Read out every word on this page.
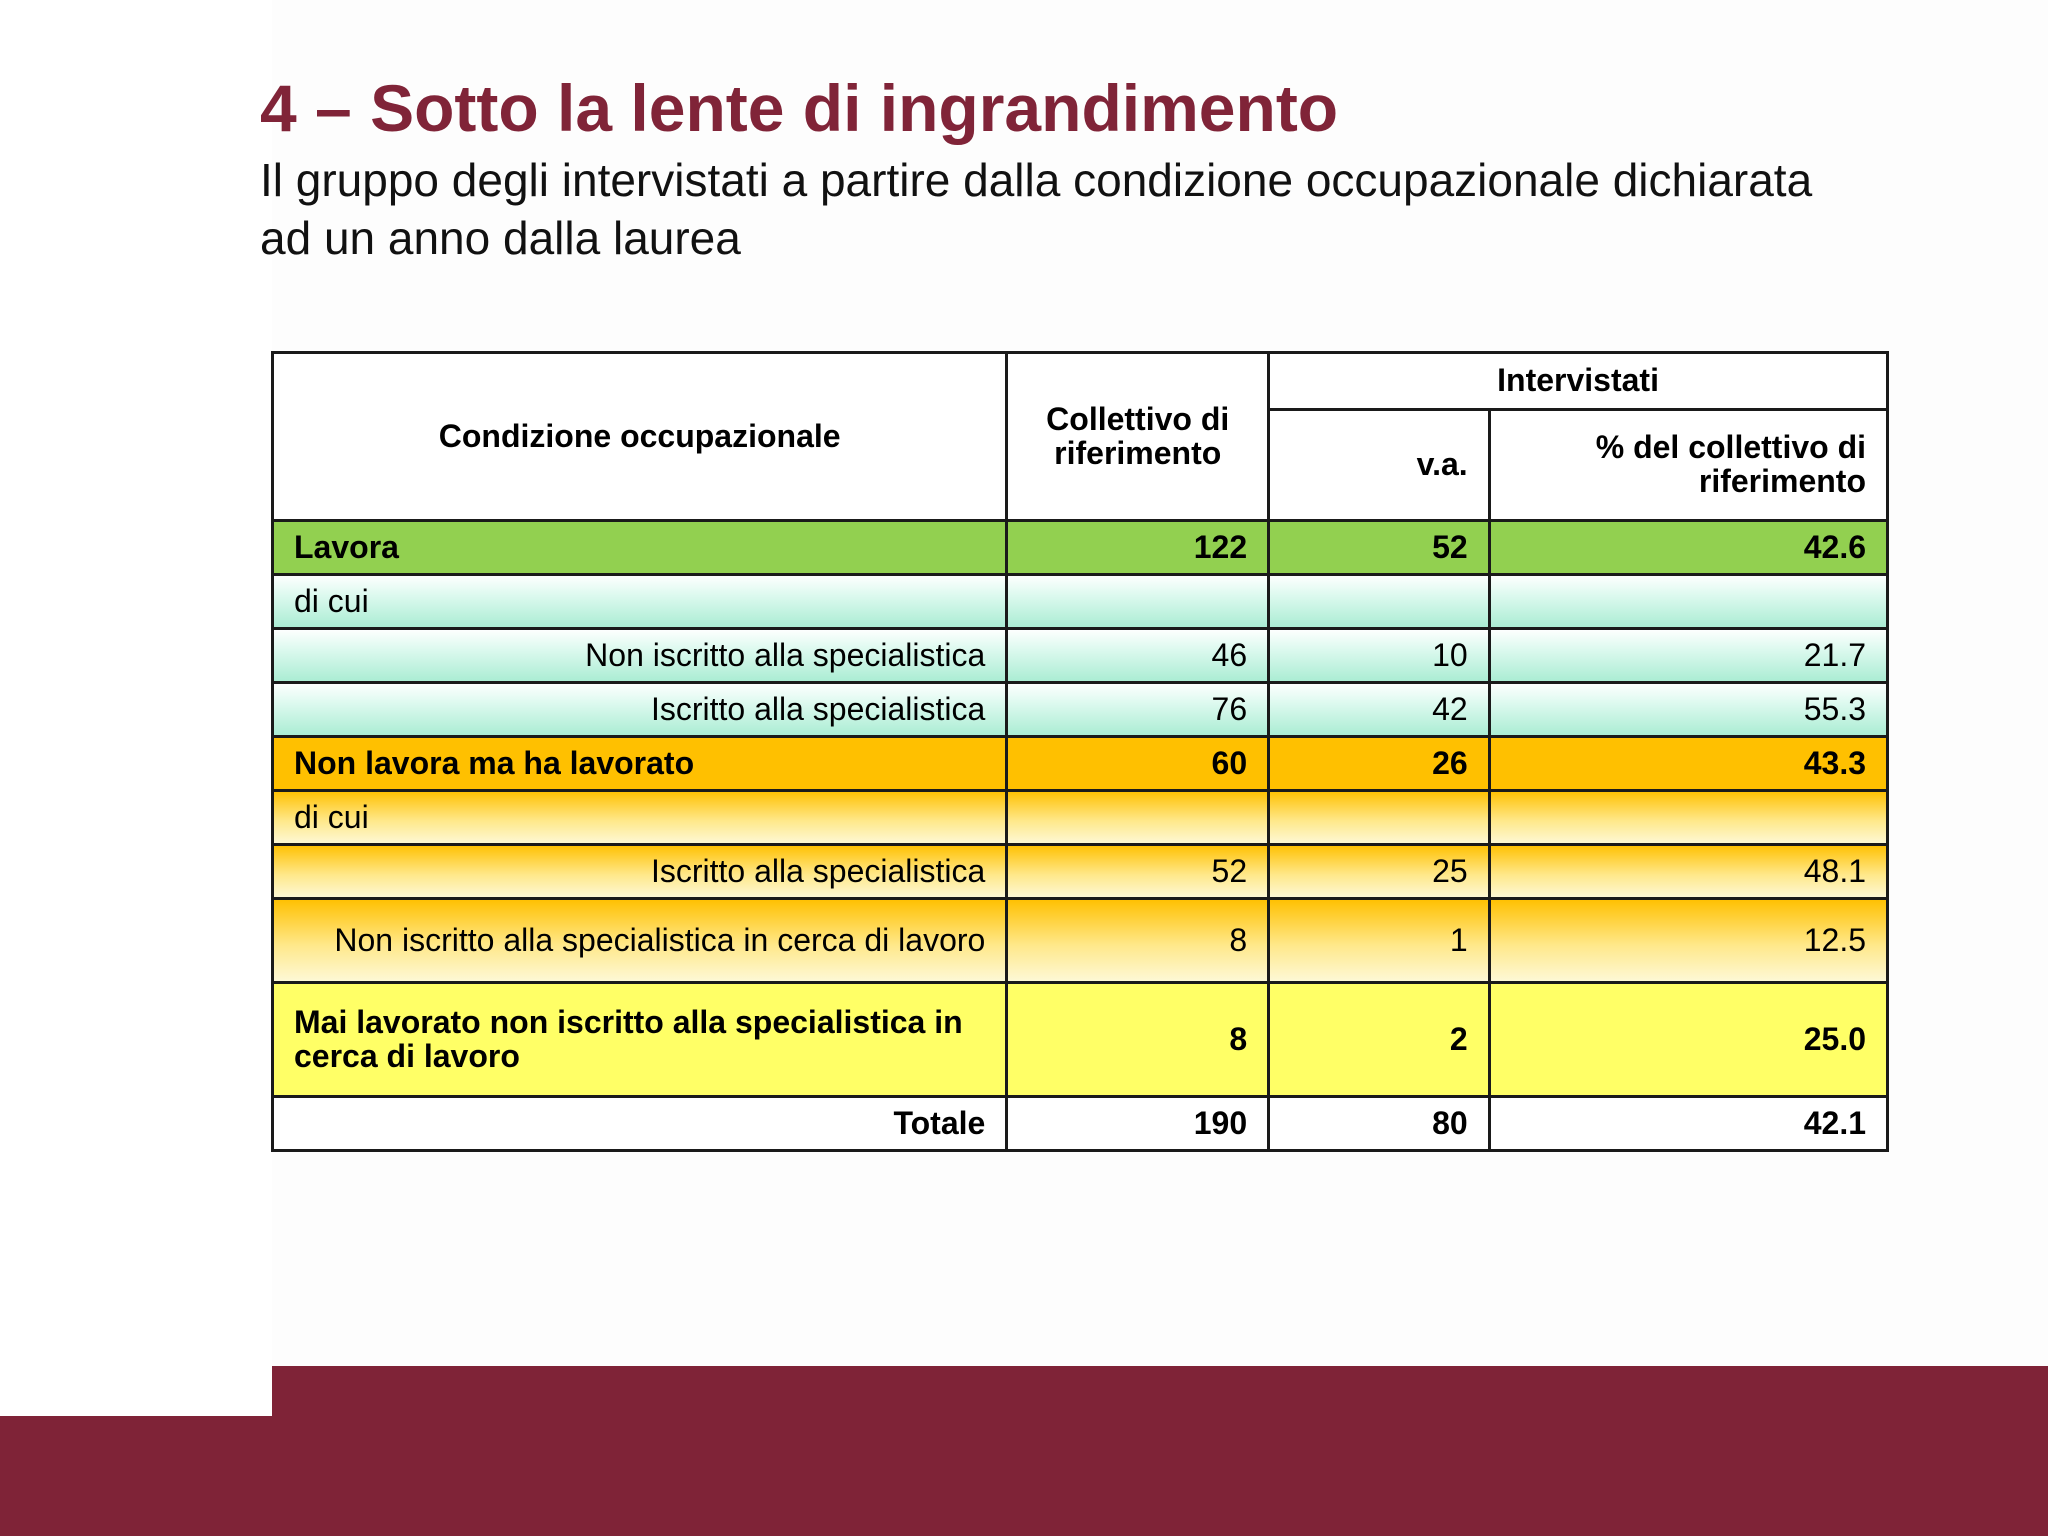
4 – Sotto la lente di ingrandimento

Il gruppo degli intervistati a partire dalla condizione occupazionale dichiarata ad un anno dalla laurea

Condizione occupazionale	Collettivo di riferimento	Intervistati	
		v.a.	% del collettivo di riferimento
Lavora	122	52	42.6
di cui			
Non iscritto alla specialistica	46	10	21.7
Iscritto alla specialistica	76	42	55.3
Non lavora ma ha lavorato	60	26	43.3
di cui			
Iscritto alla specialistica	52	25	48.1
Non iscritto alla specialistica in cerca di lavoro	8	1	12.5
Mai lavorato non iscritto alla specialistica in cerca di lavoro	8	2	25.0
Totale	190	80	42.1
